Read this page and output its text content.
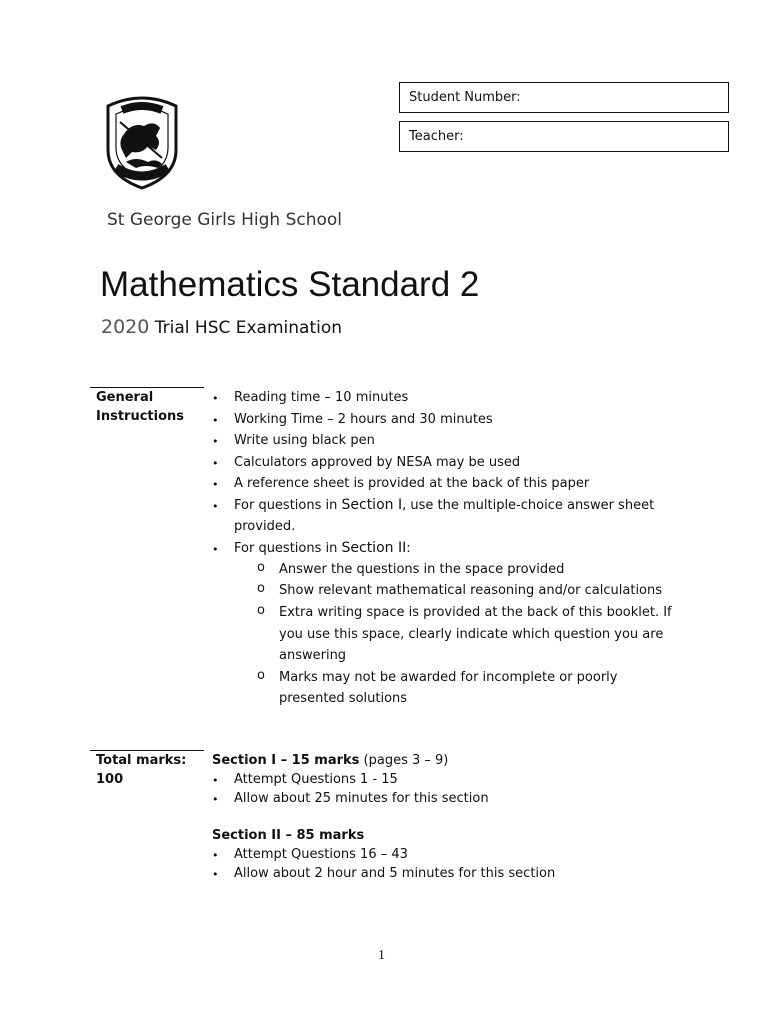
Student Number:
Teacher:
St George Girls High School
Mathematics Standard 2
2020 Trial HSC Examination
General
Instructions
• Reading time – 10 minutes
• Working Time – 2 hours and 30 minutes
• Write using black pen
• Calculators approved by NESA may be used
• A reference sheet is provided at the back of this paper
• For questions in Section I, use the multiple-choice answer sheet
provided.
• For questions in Section II:
o Answer the questions in the space provided
o Show relevant mathematical reasoning and/or calculations
o Extra writing space is provided at the back of this booklet. If
you use this space, clearly indicate which question you are
answering
o Marks may not be awarded for incomplete or poorly
presented solutions
Total marks:
100
Section I – 15 marks (pages 3 – 9)
• Attempt Questions 1 - 15
• Allow about 25 minutes for this section
Section II – 85 marks
• Attempt Questions 16 – 43
• Allow about 2 hour and 5 minutes for this section
1
